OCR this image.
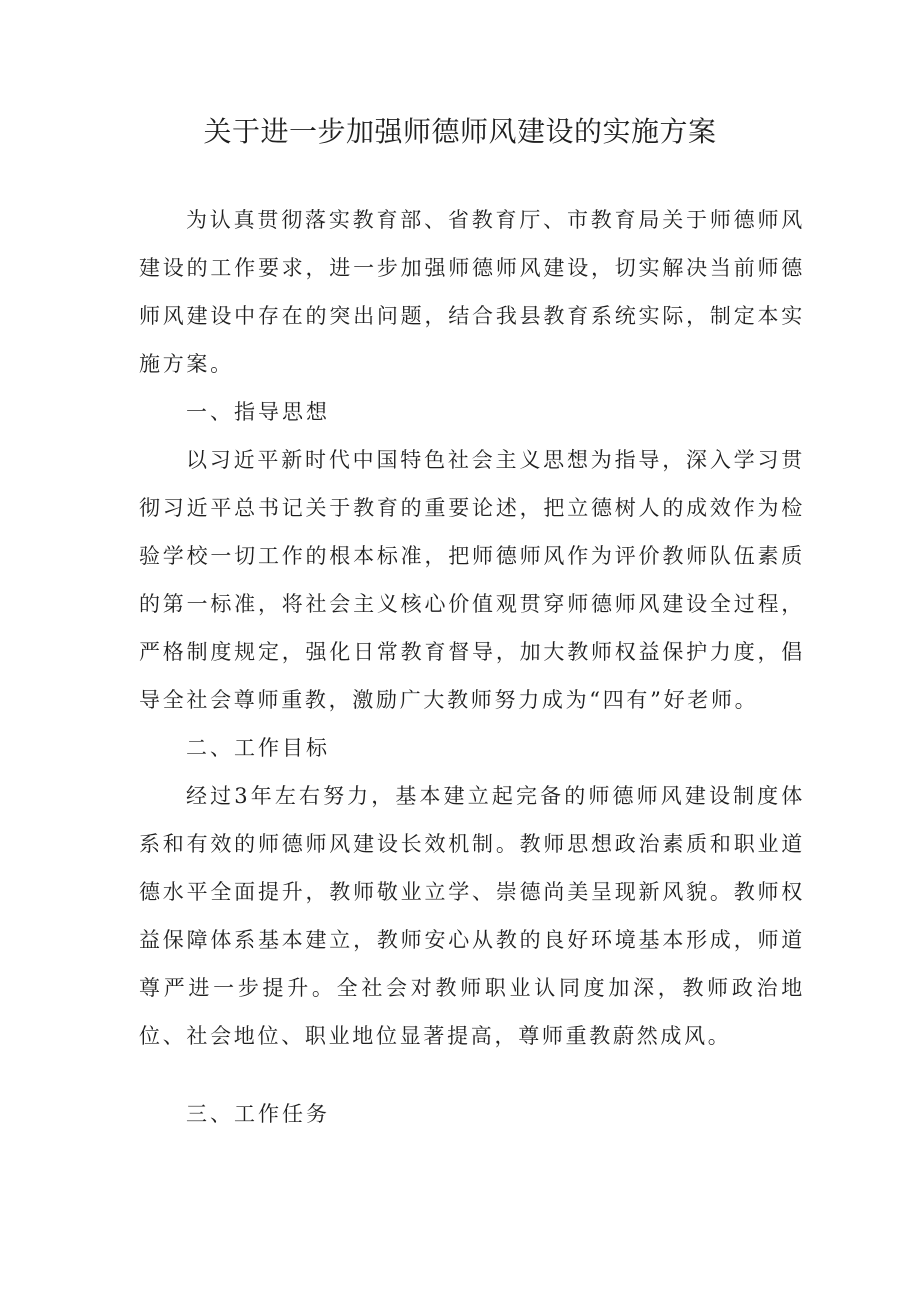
关于进一步加强师德师风建设的实施方案

为认真贯彻落实教育部、省教育厅、市教育局关于师德师风建设的工作要求，进一步加强师德师风建设，切实解决当前师德师风建设中存在的突出问题，结合我县教育系统实际，制定本实施方案。

一、指导思想

以习近平新时代中国特色社会主义思想为指导，深入学习贯彻习近平总书记关于教育的重要论述，把立德树人的成效作为检验学校一切工作的根本标准，把师德师风作为评价教师队伍素质的第一标准，将社会主义核心价值观贯穿师德师风建设全过程，严格制度规定，强化日常教育督导，加大教师权益保护力度，倡导全社会尊师重教，激励广大教师努力成为“四有”好老师。

二、工作目标

经过3年左右努力，基本建立起完备的师德师风建设制度体系和有效的师德师风建设长效机制。教师思想政治素质和职业道德水平全面提升，教师敬业立学、崇德尚美呈现新风貌。教师权益保障体系基本建立，教师安心从教的良好环境基本形成，师道尊严进一步提升。全社会对教师职业认同度加深，教师政治地位、社会地位、职业地位显著提高，尊师重教蔚然成风。

三、工作任务
